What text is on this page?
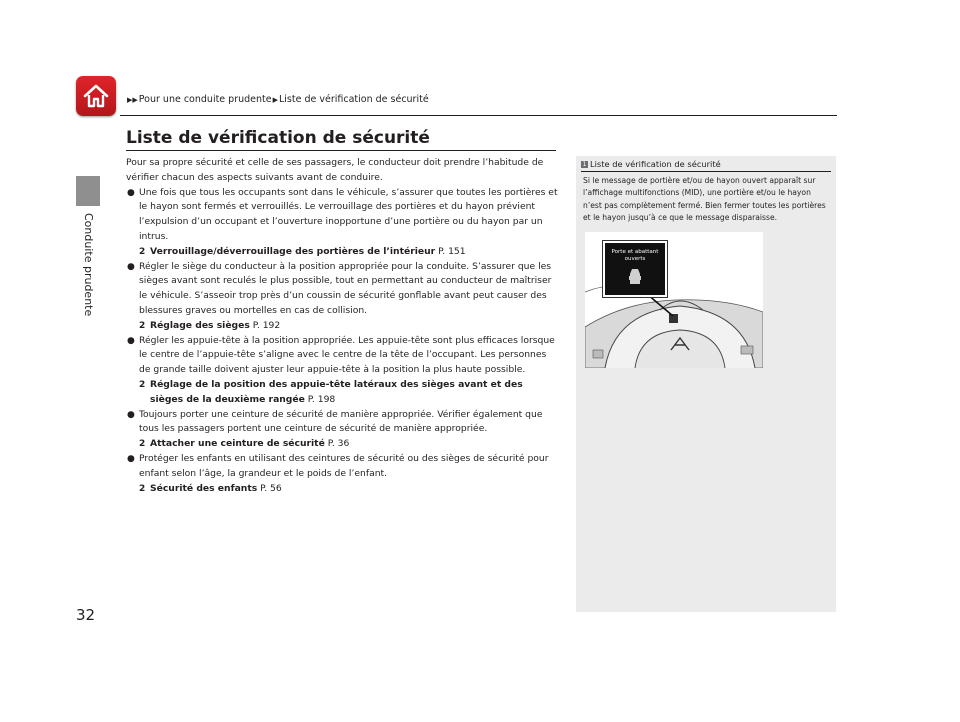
Conduite prudente
▶▶ Pour une conduite prudente ▶ Liste de vérification de sécurité
Liste de vérification de sécurité

Pour sa propre sécurité et celle de ses passagers, le conducteur doit prendre l’habitude de vérifier chacun des aspects suivants avant de conduire.

● Une fois que tous les occupants sont dans le véhicule, s’assurer que toutes les portières et le hayon sont fermés et verrouillés. Le verrouillage des portières et du hayon prévient l’expulsion d’un occupant et l’ouverture inopportune d’une portière ou du hayon par un intrus.

2 Verrouillage/déverrouillage des portières de l’intérieur P. 151
● Régler le siège du conducteur à la position appropriée pour la conduite. S’assurer que les sièges avant sont reculés le plus possible, tout en permettant au conducteur de maîtriser le véhicule. S’asseoir trop près d’un coussin de sécurité gonflable avant peut causer des blessures graves ou mortelles en cas de collision.

2 Réglage des sièges P. 192
● Régler les appuie-tête à la position appropriée. Les appuie-tête sont plus efficaces lorsque le centre de l’appuie-tête s’aligne avec le centre de la tête de l’occupant. Les personnes de grande taille doivent ajuster leur appuie-tête à la position la plus haute possible.

2 Réglage de la position des appuie-tête latéraux des sièges avant et des sièges de la deuxième rangée P. 198
● Toujours porter une ceinture de sécurité de manière appropriée. Vérifier également que tous les passagers portent une ceinture de sécurité de manière appropriée.

2 Attacher une ceinture de sécurité P. 36
● Protéger les enfants en utilisant des ceintures de sécurité ou des sièges de sécurité pour enfant selon l’âge, la grandeur et le poids de l’enfant.

2 Sécurité des enfants P. 56
1 Liste de vérification de sécurité

Si le message de portière et/ou de hayon ouvert apparaît sur l’affichage multifonctions (MID), une portière et/ou le hayon n’est pas complètement fermé. Bien fermer toutes les portières et le hayon jusqu’à ce que le message disparaisse.

Porte et abattant ouverts
32
